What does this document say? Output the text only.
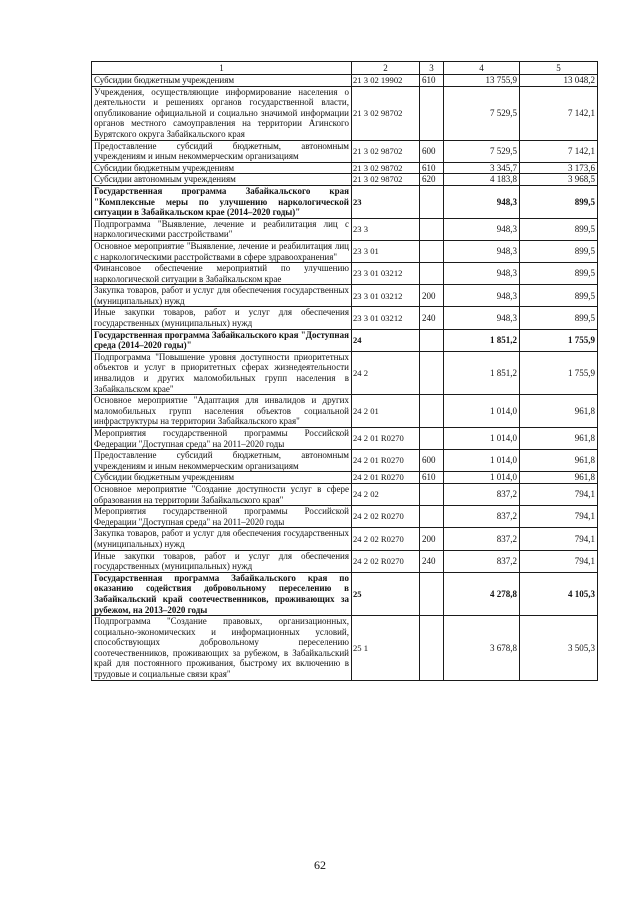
1	2	3	4	5
Субсидии бюджетным учреждениям	21 3 02 19902	610	13 755,9	13 048,2
Учреждения, осуществляющие информирование населения о деятельности и решениях органов государственной власти, опубликование официальной и социально значимой информации органов местного самоуправления на территории Агинского Бурятского округа Забайкальского края	21 3 02 98702		7 529,5	7 142,1
Предоставление субсидий бюджетным, автономным учреждениям и иным некоммерческим организациям	21 3 02 98702	600	7 529,5	7 142,1
Субсидии бюджетным учреждениям	21 3 02 98702	610	3 345,7	3 173,6
Субсидии автономным учреждениям	21 3 02 98702	620	4 183,8	3 968,5
Государственная программа Забайкальского края "Комплексные меры по улучшению наркологической ситуации в Забайкальском крае (2014–2020 годы)"	23		948,3	899,5
Подпрограмма "Выявление, лечение и реабилитация лиц с наркологическими расстройствами"	23 3		948,3	899,5
Основное мероприятие "Выявление, лечение и реабилитация лиц с наркологическими расстройствами в сфере здравоохранения"	23 3 01		948,3	899,5
Финансовое обеспечение мероприятий по улучшению наркологической ситуации в Забайкальском крае	23 3 01 03212		948,3	899,5
Закупка товаров, работ и услуг для обеспечения государственных (муниципальных) нужд	23 3 01 03212	200	948,3	899,5
Иные закупки товаров, работ и услуг для обеспечения государственных (муниципальных) нужд	23 3 01 03212	240	948,3	899,5
Государственная программа Забайкальского края "Доступная среда (2014–2020 годы)"	24		1 851,2	1 755,9
Подпрограмма "Повышение уровня доступности приоритетных объектов и услуг в приоритетных сферах жизнедеятельности инвалидов и других маломобильных групп населения в Забайкальском крае"	24 2		1 851,2	1 755,9
Основное мероприятие "Адаптация для инвалидов и других маломобильных групп населения объектов социальной инфраструктуры на территории Забайкальского края"	24 2 01		1 014,0	961,8
Мероприятия государственной программы Российской Федерации "Доступная среда" на 2011–2020 годы	24 2 01 R0270		1 014,0	961,8
Предоставление субсидий бюджетным, автономным учреждениям и иным некоммерческим организациям	24 2 01 R0270	600	1 014,0	961,8
Субсидии бюджетным учреждениям	24 2 01 R0270	610	1 014,0	961,8
Основное мероприятие "Создание доступности услуг в сфере образования на территории Забайкальского края"	24 2 02		837,2	794,1
Мероприятия государственной программы Российской Федерации "Доступная среда" на 2011–2020 годы	24 2 02 R0270		837,2	794,1
Закупка товаров, работ и услуг для обеспечения государственных (муниципальных) нужд	24 2 02 R0270	200	837,2	794,1
Иные закупки товаров, работ и услуг для обеспечения государственных (муниципальных) нужд	24 2 02 R0270	240	837,2	794,1
Государственная программа Забайкальского края по оказанию содействия добровольному переселению в Забайкальский край соотечественников, проживающих за рубежом, на 2013–2020 годы	25		4 278,8	4 105,3
Подпрограмма "Создание правовых, организационных, социально-экономических и информационных условий, способствующих добровольному переселению соотечественников, проживающих за рубежом, в Забайкальский край для постоянного проживания, быстрому их включению в трудовые и социальные связи края"	25 1		3 678,8	3 505,3
62
